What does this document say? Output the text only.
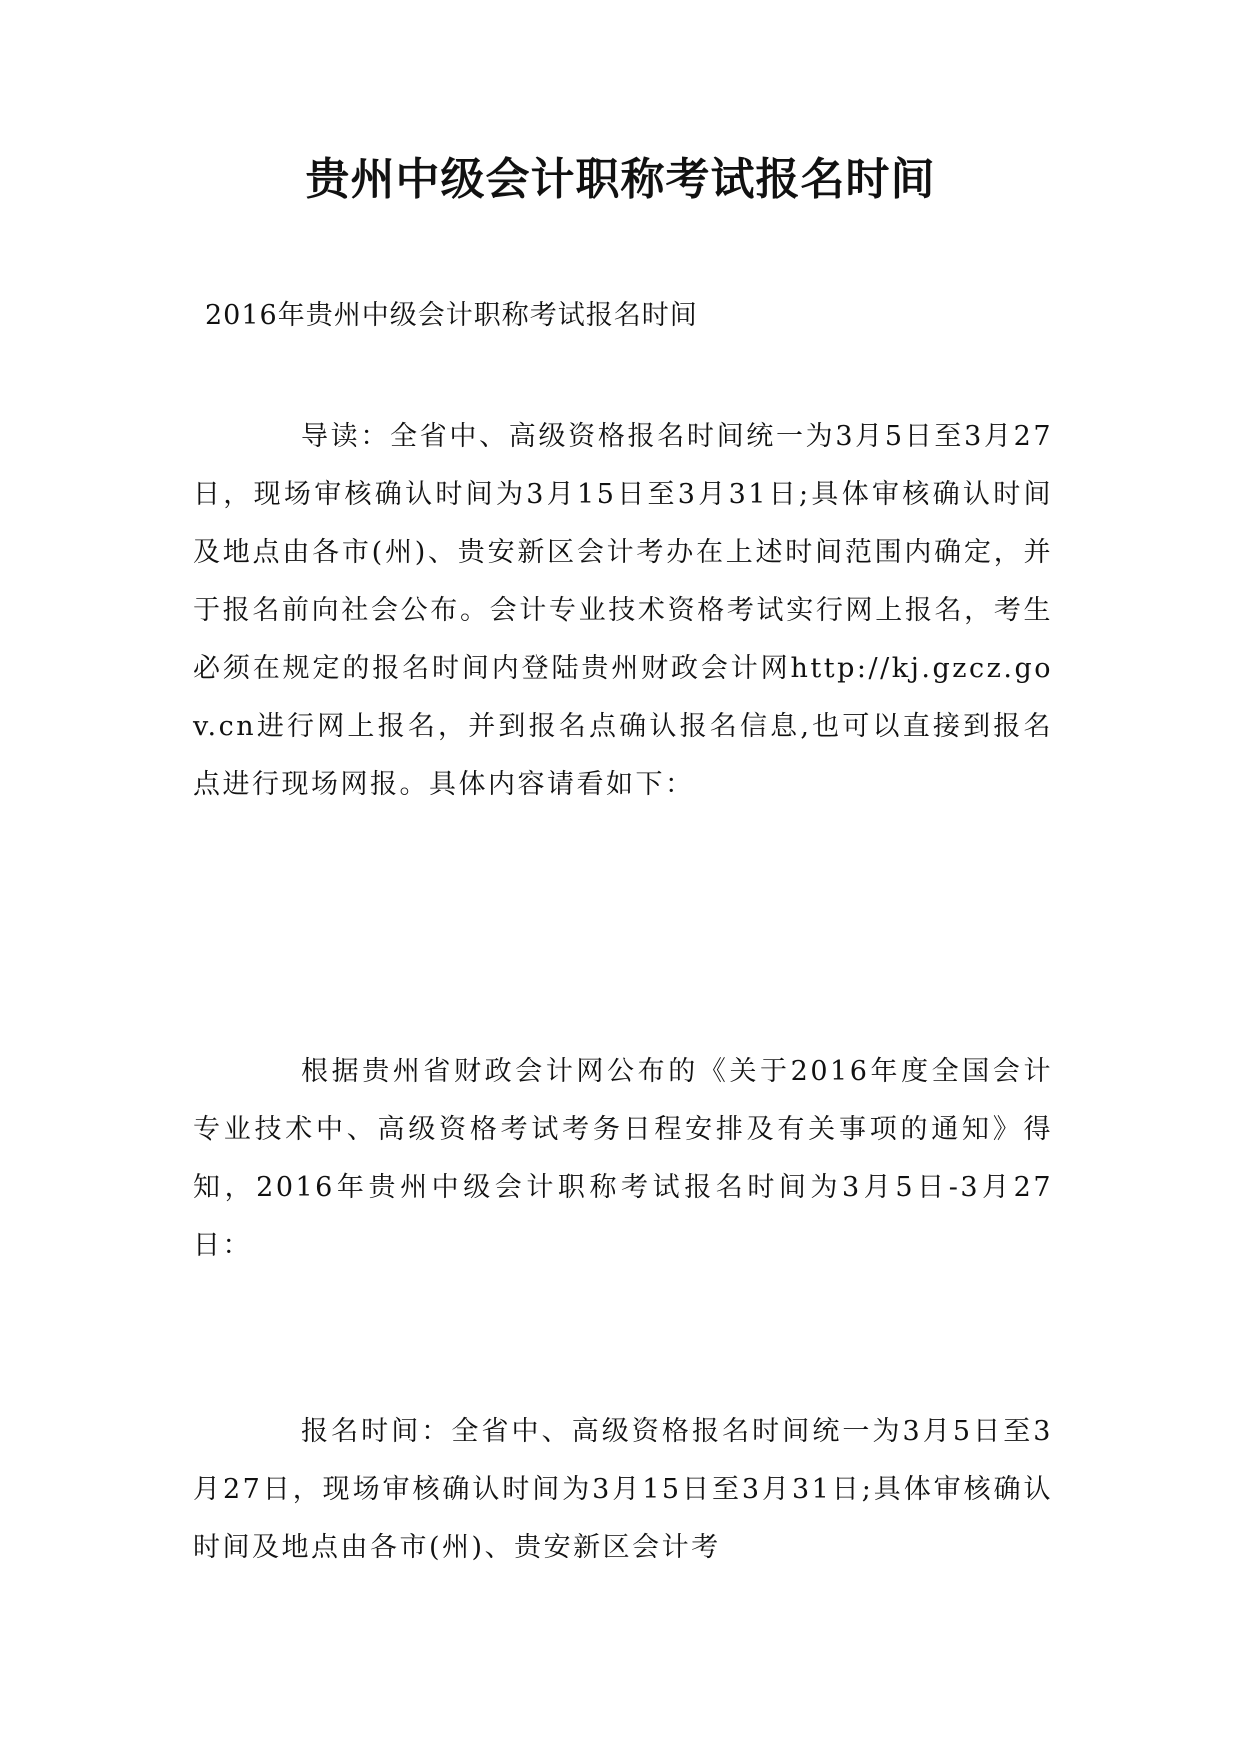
贵州中级会计职称考试报名时间
2016年贵州中级会计职称考试报名时间

导读：全省中、高级资格报名时间统一为3月5日至3月27日，现场审核确认时间为3月15日至3月31日;具体审核确认时间及地点由各市(州)、贵安新区会计考办在上述时间范围内确定，并于报名前向社会公布。会计专业技术资格考试实行网上报名，考生必须在规定的报名时间内登陆贵州财政会计网http://kj.gzcz.gov.cn进行网上报名，并到报名点确认报名信息,也可以直接到报名点进行现场网报。具体内容请看如下：

根据贵州省财政会计网公布的《关于2016年度全国会计专业技术中、高级资格考试考务日程安排及有关事项的通知》得知，2016年贵州中级会计职称考试报名时间为3月5日-3月27日：

报名时间：全省中、高级资格报名时间统一为3月5日至3月27日，现场审核确认时间为3月15日至3月31日;具体审核确认时间及地点由各市(州)、贵安新区会计考
